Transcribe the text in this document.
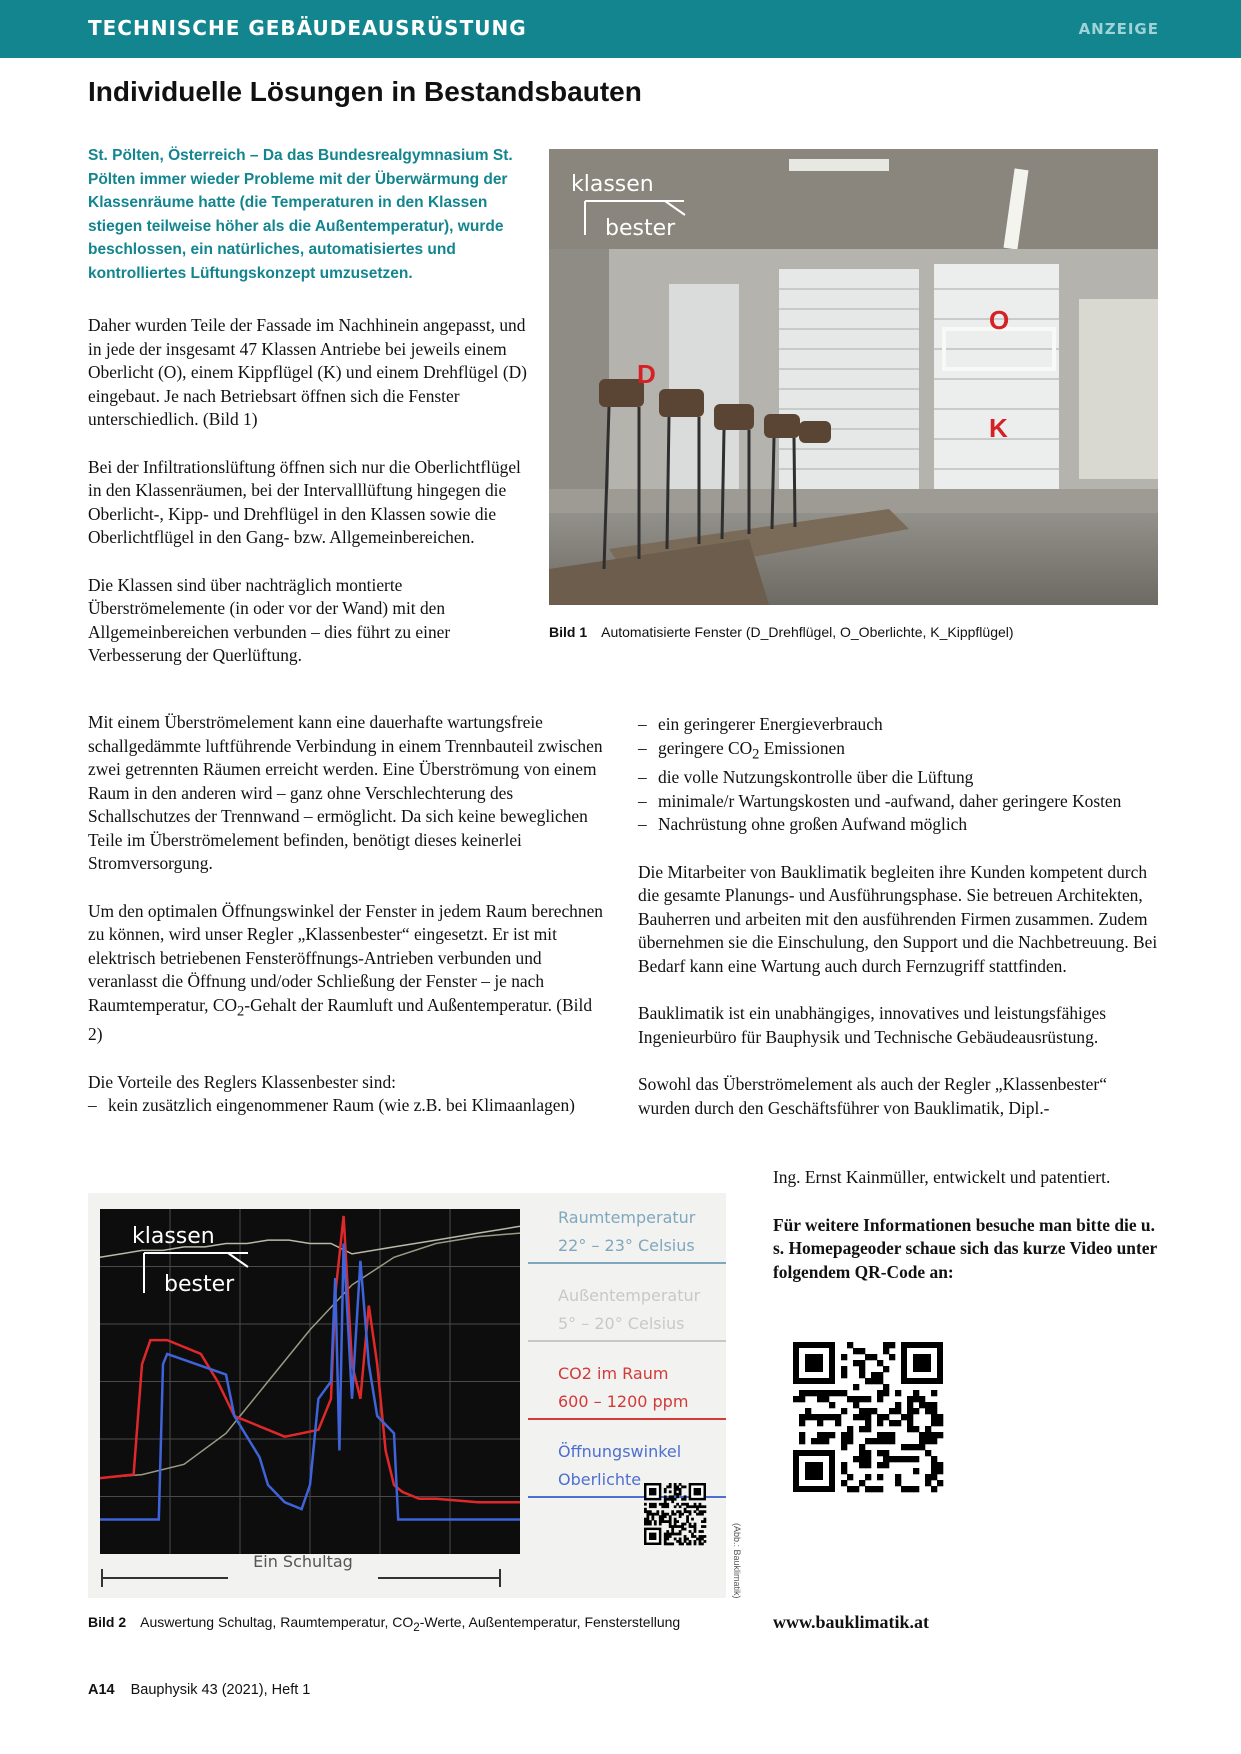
TECHNISCHE GEBÄUDEAUSRÜSTUNG	ANZEIGE
Individuelle Lösungen in Bestandsbauten
St. Pölten, Österreich – Da das Bundesrealgymnasium St. Pölten immer wieder Probleme mit der Überwärmung der Klassenräume hatte (die Temperaturen in den Klassen stiegen teilweise höher als die Außentemperatur), wurde beschlossen, ein natürliches, automatisiertes und kontrolliertes Lüftungskonzept umzusetzen.

Daher wurden Teile der Fassade im Nachhinein angepasst, und in jede der insgesamt 47 Klassen Antriebe bei jeweils einem Oberlicht (O), einem Kippflügel (K) und einem Drehflügel (D) eingebaut. Je nach Betriebsart öffnen sich die Fenster unterschiedlich. (Bild 1)

Bei der Infiltrationslüftung öffnen sich nur die Oberlichtflügel in den Klassenräumen, bei der Intervalllüftung hingegen die Oberlicht-, Kipp- und Drehflügel in den Klassen sowie die Oberlichtflügel in den Gang- bzw. Allgemeinbereichen.

Die Klassen sind über nachträglich montierte Überströmelemente (in oder vor der Wand) mit den Allgemeinbereichen verbunden – dies führt zu einer Verbesserung der Querlüftung.

klassen
bester
O
K
D
Bild 1 Automatisierte Fenster (D_Drehflügel, O_Oberlichte, K_Kippflügel)

Mit einem Überströmelement kann eine dauerhafte wartungsfreie schallgedämmte luftführende Verbindung in einem Trennbauteil zwischen zwei getrennten Räumen erreicht werden. Eine Überströmung von einem Raum in den anderen wird – ganz ohne Verschlechterung des Schallschutzes der Trennwand – ermöglicht. Da sich keine beweglichen Teile im Überströmelement befinden, benötigt dieses keinerlei Stromversorgung.

Um den optimalen Öffnungswinkel der Fenster in jedem Raum berechnen zu können, wird unser Regler „Klassenbester“ eingesetzt. Er ist mit elektrisch betriebenen Fensteröffnungs-Antrieben verbunden und veranlasst die Öffnung und/oder Schließung der Fenster – je nach Raumtemperatur, $CO_2$-Gehalt der Raumluft und Außentemperatur. (Bild 2)

Die Vorteile des Reglers Klassenbester sind:

– kein zusätzlich eingenommener Raum (wie z.B. bei Klimaanlagen)
– ein geringerer Energieverbrauch
– geringere $CO_2$ Emissionen
– die volle Nutzungskontrolle über die Lüftung
– minimale/r Wartungskosten und -aufwand, daher geringere Kosten
– Nachrüstung ohne großen Aufwand möglich

Die Mitarbeiter von Bauklimatik begleiten ihre Kunden kompetent durch die gesamte Planungs- und Ausführungsphase. Sie betreuen Architekten, Bauherren und arbeiten mit den ausführenden Firmen zusammen. Zudem übernehmen sie die Einschulung, den Support und die Nachbetreuung. Bei Bedarf kann eine Wartung auch durch Fernzugriff stattfinden.

Bauklimatik ist ein unabhängiges, innovatives und leistungsfähiges Ingenieurbüro für Bauphysik und Technische Gebäudeausrüstung.

Sowohl das Überströmelement als auch der Regler „Klassenbester“ wurden durch den Geschäftsführer von Bauklimatik, Dipl.-

Ing. Ernst Kainmüller, entwickelt und patentiert.

Für weitere Informationen besuche man bitte die u. s. Homepageoder schaue sich das kurze Video unter folgendem QR-Code an:

klassen
bester
Raumtemperatur
22° – 23° Celsius
Außentemperatur
5° – 20° Celsius
CO2 im Raum
600 – 1200 ppm
Öffnungswinkel
Oberlichte
Ein Schultag	(Abb.: Bauklimatik)
Bild 2 Auswertung Schultag, Raumtemperatur, $CO_2$-Werte, Außentemperatur, Fensterstellung	www.bauklimatik.at
A14 Bauphysik 43 (2021), Heft 1
